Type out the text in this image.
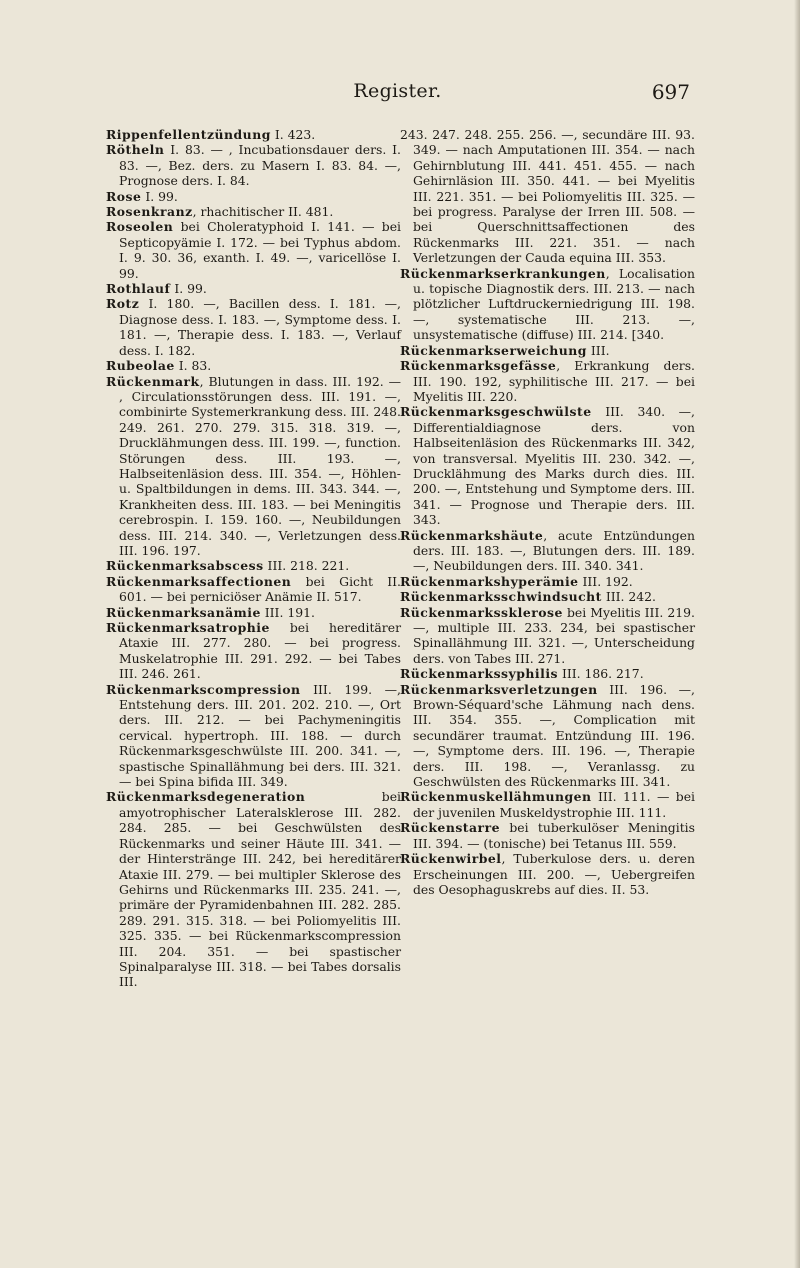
Register.	697

Rippenfellentzündung I. 423.

Rötheln I. 83. — , Incubationsdauer ders. I. 83. —, Bez. ders. zu Masern I. 83. 84. —, Prognose ders. I. 84.

Rose I. 99.

Rosenkranz, rhachitischer II. 481.

Roseolen bei Choleratyphoid I. 141. — bei Septicopyämie I. 172. — bei Typhus abdom. I. 9. 30. 36, exanth. I. 49. —, varicellöse I. 99.

Rothlauf I. 99.

Rotz I. 180. —, Bacillen dess. I. 181. —, Diagnose dess. I. 183. —, Symptome dess. I. 181. —, Therapie dess. I. 183. —, Verlauf dess. I. 182.

Rubeolae I. 83.

Rückenmark, Blutungen in dass. III. 192. — , Circulationsstörungen dess. III. 191. —, combinirte Systemerkrankung dess. III. 248. 249. 261. 270. 279. 315. 318. 319. —, Drucklähmungen dess. III. 199. —, function. Störungen dess. III. 193. —, Halbseitenläsion dess. III. 354. —, Höhlen- u. Spaltbildungen in dems. III. 343. 344. —, Krankheiten dess. III. 183. — bei Meningitis cerebrospin. I. 159. 160. —, Neubildungen dess. III. 214. 340. —, Verletzungen dess. III. 196. 197.

Rückenmarksabscess III. 218. 221.

Rückenmarksaffectionen bei Gicht II. 601. — bei perniciöser Anämie II. 517.

Rückenmarksanämie III. 191.

Rückenmarksatrophie bei hereditärer Ataxie III. 277. 280. — bei progress. Muskelatrophie III. 291. 292. — bei Tabes III. 246. 261.

Rückenmarkscompression III. 199. —, Entstehung ders. III. 201. 202. 210. —, Ort ders. III. 212. — bei Pachymeningitis cervical. hypertroph. III. 188. — durch Rückenmarksgeschwülste III. 200. 341. —, spastische Spinallähmung bei ders. III. 321. — bei Spina bifida III. 349.

Rückenmarksdegeneration bei amyotrophischer Lateralsklerose III. 282. 284. 285. — bei Geschwülsten des Rückenmarks und seiner Häute III. 341. — der Hinterstränge III. 242, bei hereditärer Ataxie III. 279. — bei multipler Sklerose des Gehirns und Rückenmarks III. 235. 241. —, primäre der Pyramidenbahnen III. 282. 285. 289. 291. 315. 318. — bei Poliomyelitis III. 325. 335. — bei Rückenmarkscompression III. 204. 351. — bei spastischer Spinalparalyse III. 318. — bei Tabes dorsalis III.

243. 247. 248. 255. 256. —, secundäre III. 93. 349. — nach Amputationen III. 354. — nach Gehirnblutung III. 441. 451. 455. — nach Gehirnläsion III. 350. 441. — bei Myelitis III. 221. 351. — bei Poliomyelitis III. 325. — bei progress. Paralyse der Irren III. 508. — bei Querschnittsaffectionen des Rückenmarks III. 221. 351. — nach Verletzungen der Cauda equina III. 353.

Rückenmarkserkrankungen, Localisation u. topische Diagnostik ders. III. 213. — nach plötzlicher Luftdruckerniedrigung III. 198. —, systematische III. 213. —, unsystematische (diffuse) III. 214. [340.

Rückenmarkserweichung III.

Rückenmarksgefässe, Erkrankung ders. III. 190. 192, syphilitische III. 217. — bei Myelitis III. 220.

Rückenmarksgeschwülste III. 340. —, Differentialdiagnose ders. von Halbseitenläsion des Rückenmarks III. 342, von transversal. Myelitis III. 230. 342. —, Drucklähmung des Marks durch dies. III. 200. —, Entstehung und Symptome ders. III. 341. — Prognose und Therapie ders. III. 343.

Rückenmarkshäute, acute Entzündungen ders. III. 183. —, Blutungen ders. III. 189. —, Neubildungen ders. III. 340. 341.

Rückenmarkshyperämie III. 192.

Rückenmarksschwindsucht III. 242.

Rückenmarkssklerose bei Myelitis III. 219. —, multiple III. 233. 234, bei spastischer Spinallähmung III. 321. —, Unterscheidung ders. von Tabes III. 271.

Rückenmarkssyphilis III. 186. 217.

Rückenmarksverletzungen III. 196. —, Brown-Séquard'sche Lähmung nach dens. III. 354. 355. —, Complication mit secundärer traumat. Entzündung III. 196. —, Symptome ders. III. 196. —, Therapie ders. III. 198. —, Veranlassg. zu Geschwülsten des Rückenmarks III. 341.

Rückenmuskellähmungen III. 111. — bei der juvenilen Muskeldystrophie III. 111.

Rückenstarre bei tuberkulöser Meningitis III. 394. — (tonische) bei Tetanus III. 559.

Rückenwirbel, Tuberkulose ders. u. deren Erscheinungen III. 200. —, Uebergreifen des Oesophaguskrebs auf dies. II. 53.
